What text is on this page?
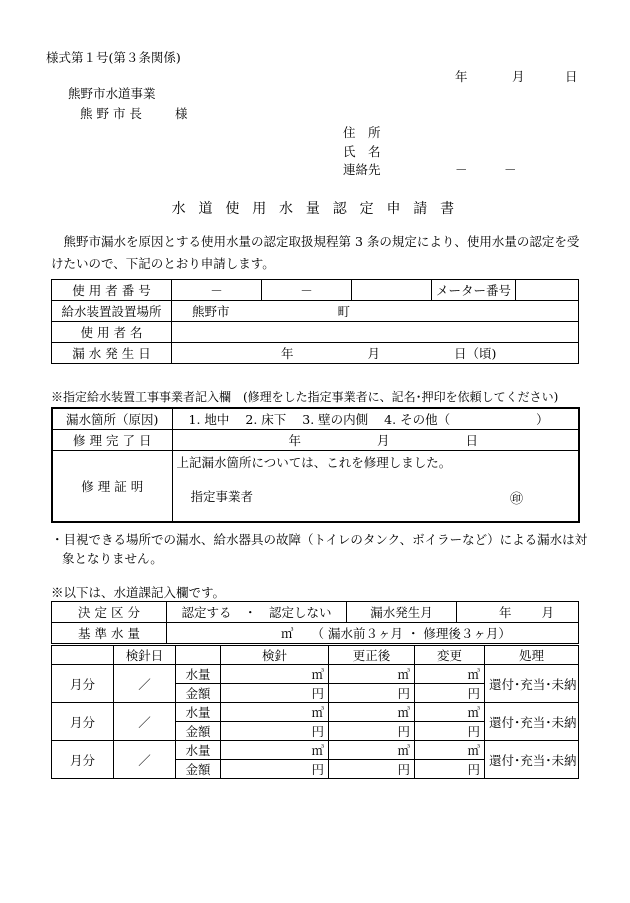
様式第１号(第３条関係)
年	月	日
熊野市水道事業
熊 野 市 長	様
住　所
氏　名
連絡先	－	－
水 道 使 用 水 量 認 定 申 請 書
熊野市漏水を原因とする使用水量の認定取扱規程第 3 条の規定により、使用水量の認定を受けたいので、下記のとおり申請します。
使 用 者 番 号	－	－		メーター番号	
給水装置設置場所	熊野市 町				
使 用 者 名					
漏 水 発 生 日	年 月 日（頃)				
※指定給水装置工事事業者記入欄　(修理をした指定事業者に、記名･押印を依頼してください)
漏水箇所（原因)	1. 地中 2. 床下 3. 壁の内側 4. その他（ ）
修 理 完 了 日	年 月 日
修 理 証 明	上記漏水箇所については、これを修理しました。
指定事業者 ㊞
・目視できる場所での漏水、給水器具の故障（トイレのタンク、ボイラーなど）による漏水は対
象となりません。
※以下は、水道課記入欄です。
決 定 区 分	認定する　・　認定しない	漏水発生月	年 月
基 準 水 量	㎥ （ 漏水前３ヶ月 ・ 修理後３ヶ月）		
	検針日		検針	更正後	変更	処理
月分	／	水量	㎥	㎥	㎥	還付･充当･未納
		金額	円	円	円	
月分	／	水量	㎥	㎥	㎥	還付･充当･未納
		金額	円	円	円	
月分	／	水量	㎥	㎥	㎥	還付･充当･未納
		金額	円	円	円	
